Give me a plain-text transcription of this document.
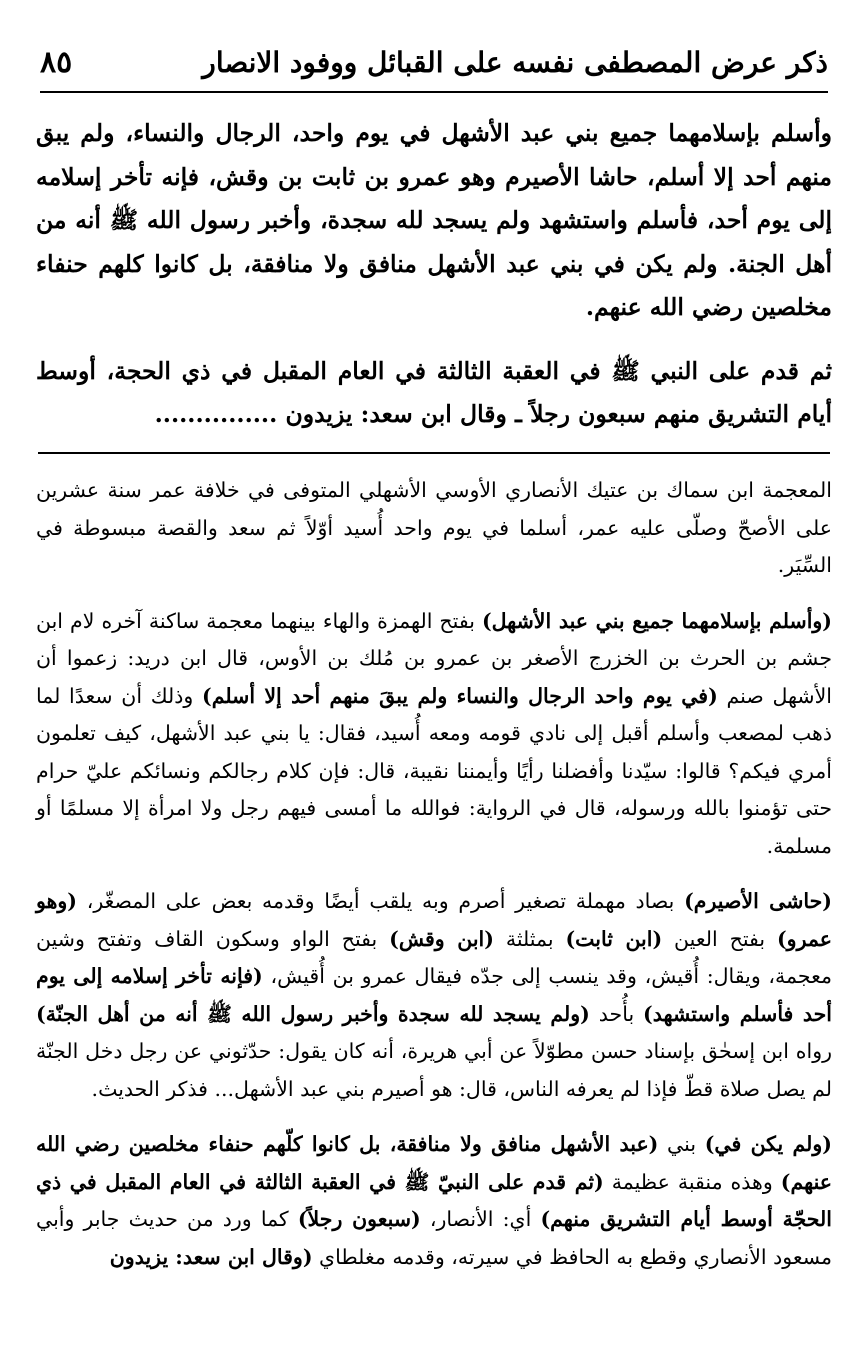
٨٥	ذكر عرض المصطفى نفسه على القبائل ووفود الانصار

وأسلم بإسلامهما جميع بني عبد الأشهل في يوم واحد، الرجال والنساء، ولم يبق منهم أحد إلا أسلم، حاشا الأصيرم وهو عمرو بن ثابت بن وقش، فإنه تأخر إسلامه إلى يوم أحد، فأسلم واستشهد ولم يسجد لله سجدة، وأخبر رسول الله ﷺ أنه من أهل الجنة. ولم يكن في بني عبد الأشهل منافق ولا منافقة، بل كانوا كلهم حنفاء مخلصين رضي الله عنهم.

ثم قدم على النبي ﷺ في العقبة الثالثة في العام المقبل في ذي الحجة، أوسط أيام التشريق منهم سبعون رجلاً ـ وقال ابن سعد: يزيدون ...............

المعجمة ابن سماك بن عتيك الأنصاري الأوسي الأشهلي المتوفى في خلافة عمر سنة عشرين على الأصحّ وصلّى عليه عمر، أسلما في يوم واحد أُسيد أوّلاً ثم سعد والقصة مبسوطة في السِّيَر.

(وأسلم بإسلامهما جميع بني عبد الأشهل) بفتح الهمزة والهاء بينهما معجمة ساكنة آخره لام ابن جشم بن الحرث بن الخزرج الأصغر بن عمرو بن مُلك بن الأوس، قال ابن دريد: زعموا أن الأشهل صنم (في يوم واحد الرجال والنساء ولم يبقَ منهم أحد إلا أسلم) وذلك أن سعدًا لما ذهب لمصعب وأسلم أقبل إلى نادي قومه ومعه أُسيد، فقال: يا بني عبد الأشهل، كيف تعلمون أمري فيكم؟ قالوا: سيّدنا وأفضلنا رأيًا وأيمننا نقيبة، قال: فإن كلام رجالكم ونسائكم عليّ حرام حتى تؤمنوا بالله ورسوله، قال في الرواية: فوالله ما أمسى فيهم رجل ولا امرأة إلا مسلمًا أو مسلمة.

(حاشى الأصيرم) بصاد مهملة تصغير أصرم وبه يلقب أيضًا وقدمه بعض على المصغّر، (وهو عمرو) بفتح العين (ابن ثابت) بمثلثة (ابن وقش) بفتح الواو وسكون القاف وتفتح وشين معجمة، ويقال: أُقيش، وقد ينسب إلى جدّه فيقال عمرو بن أُقيش، (فإنه تأخر إسلامه إلى يوم أحد فأسلم واستشهد) بأُحد (ولم يسجد لله سجدة وأخبر رسول الله ﷺ أنه من أهل الجنّة) رواه ابن إسحٰق بإسناد حسن مطوّلاً عن أبي هريرة، أنه كان يقول: حدّثوني عن رجل دخل الجنّة لم يصل صلاة قطّ فإذا لم يعرفه الناس، قال: هو أصيرم بني عبد الأشهل... فذكر الحديث.

(ولم يكن في) بني (عبد الأشهل منافق ولا منافقة، بل كانوا كلّهم حنفاء مخلصين رضي الله عنهم) وهذه منقبة عظيمة (ثم قدم على النبيّ ﷺ في العقبة الثالثة في العام المقبل في ذي الحجّة أوسط أيام التشريق منهم) أي: الأنصار، (سبعون رجلاً) كما ورد من حديث جابر وأبي مسعود الأنصاري وقطع به الحافظ في سيرته، وقدمه مغلطاي (وقال ابن سعد: يزيدون
